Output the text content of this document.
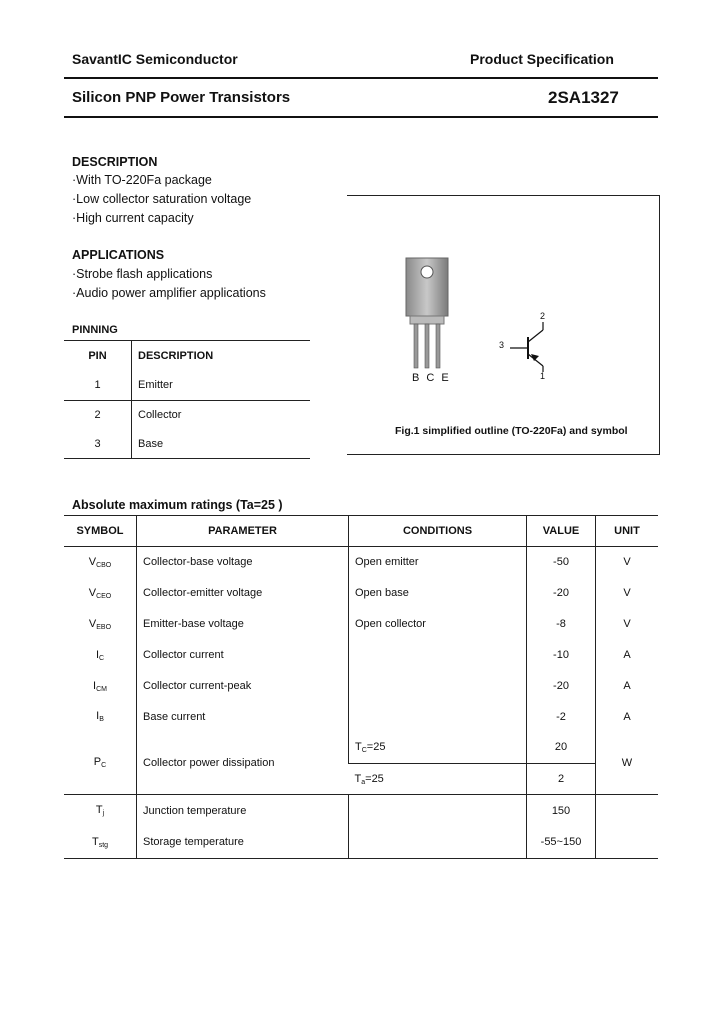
SavantIC Semiconductor	Product Specification
Silicon PNP Power Transistors	2SA1327
DESCRIPTION
·With TO-220Fa package
·Low collector saturation voltage
·High current capacity
APPLICATIONS
·Strobe flash applications
·Audio power amplifier applications
PINNING
PIN	DESCRIPTION
1	Emitter
2	Collector
3	Base
B C E
2
3
1
Fig.1 simplified outline (TO-220Fa) and symbol
Absolute maximum ratings (Ta=25 )
SYMBOL	PARAMETER	CONDITIONS	VALUE	UNIT
$V_{CBO}$	Collector-base voltage	Open emitter	-50	V
$V_{CEO}$	Collector-emitter voltage	Open base	-20	V
$V_{EBO}$	Emitter-base voltage	Open collector	-8	V
$I_C$	Collector current		-10	A
$I_{CM}$	Collector current-peak		-20	A
$I_B$	Base current		-2	A
$P_C$	Collector power dissipation	$T_C=25$	20	W
		$T_a=25$	2	
$T_j$	Junction temperature		150	
$T_{stg}$	Storage temperature		-55~150	
